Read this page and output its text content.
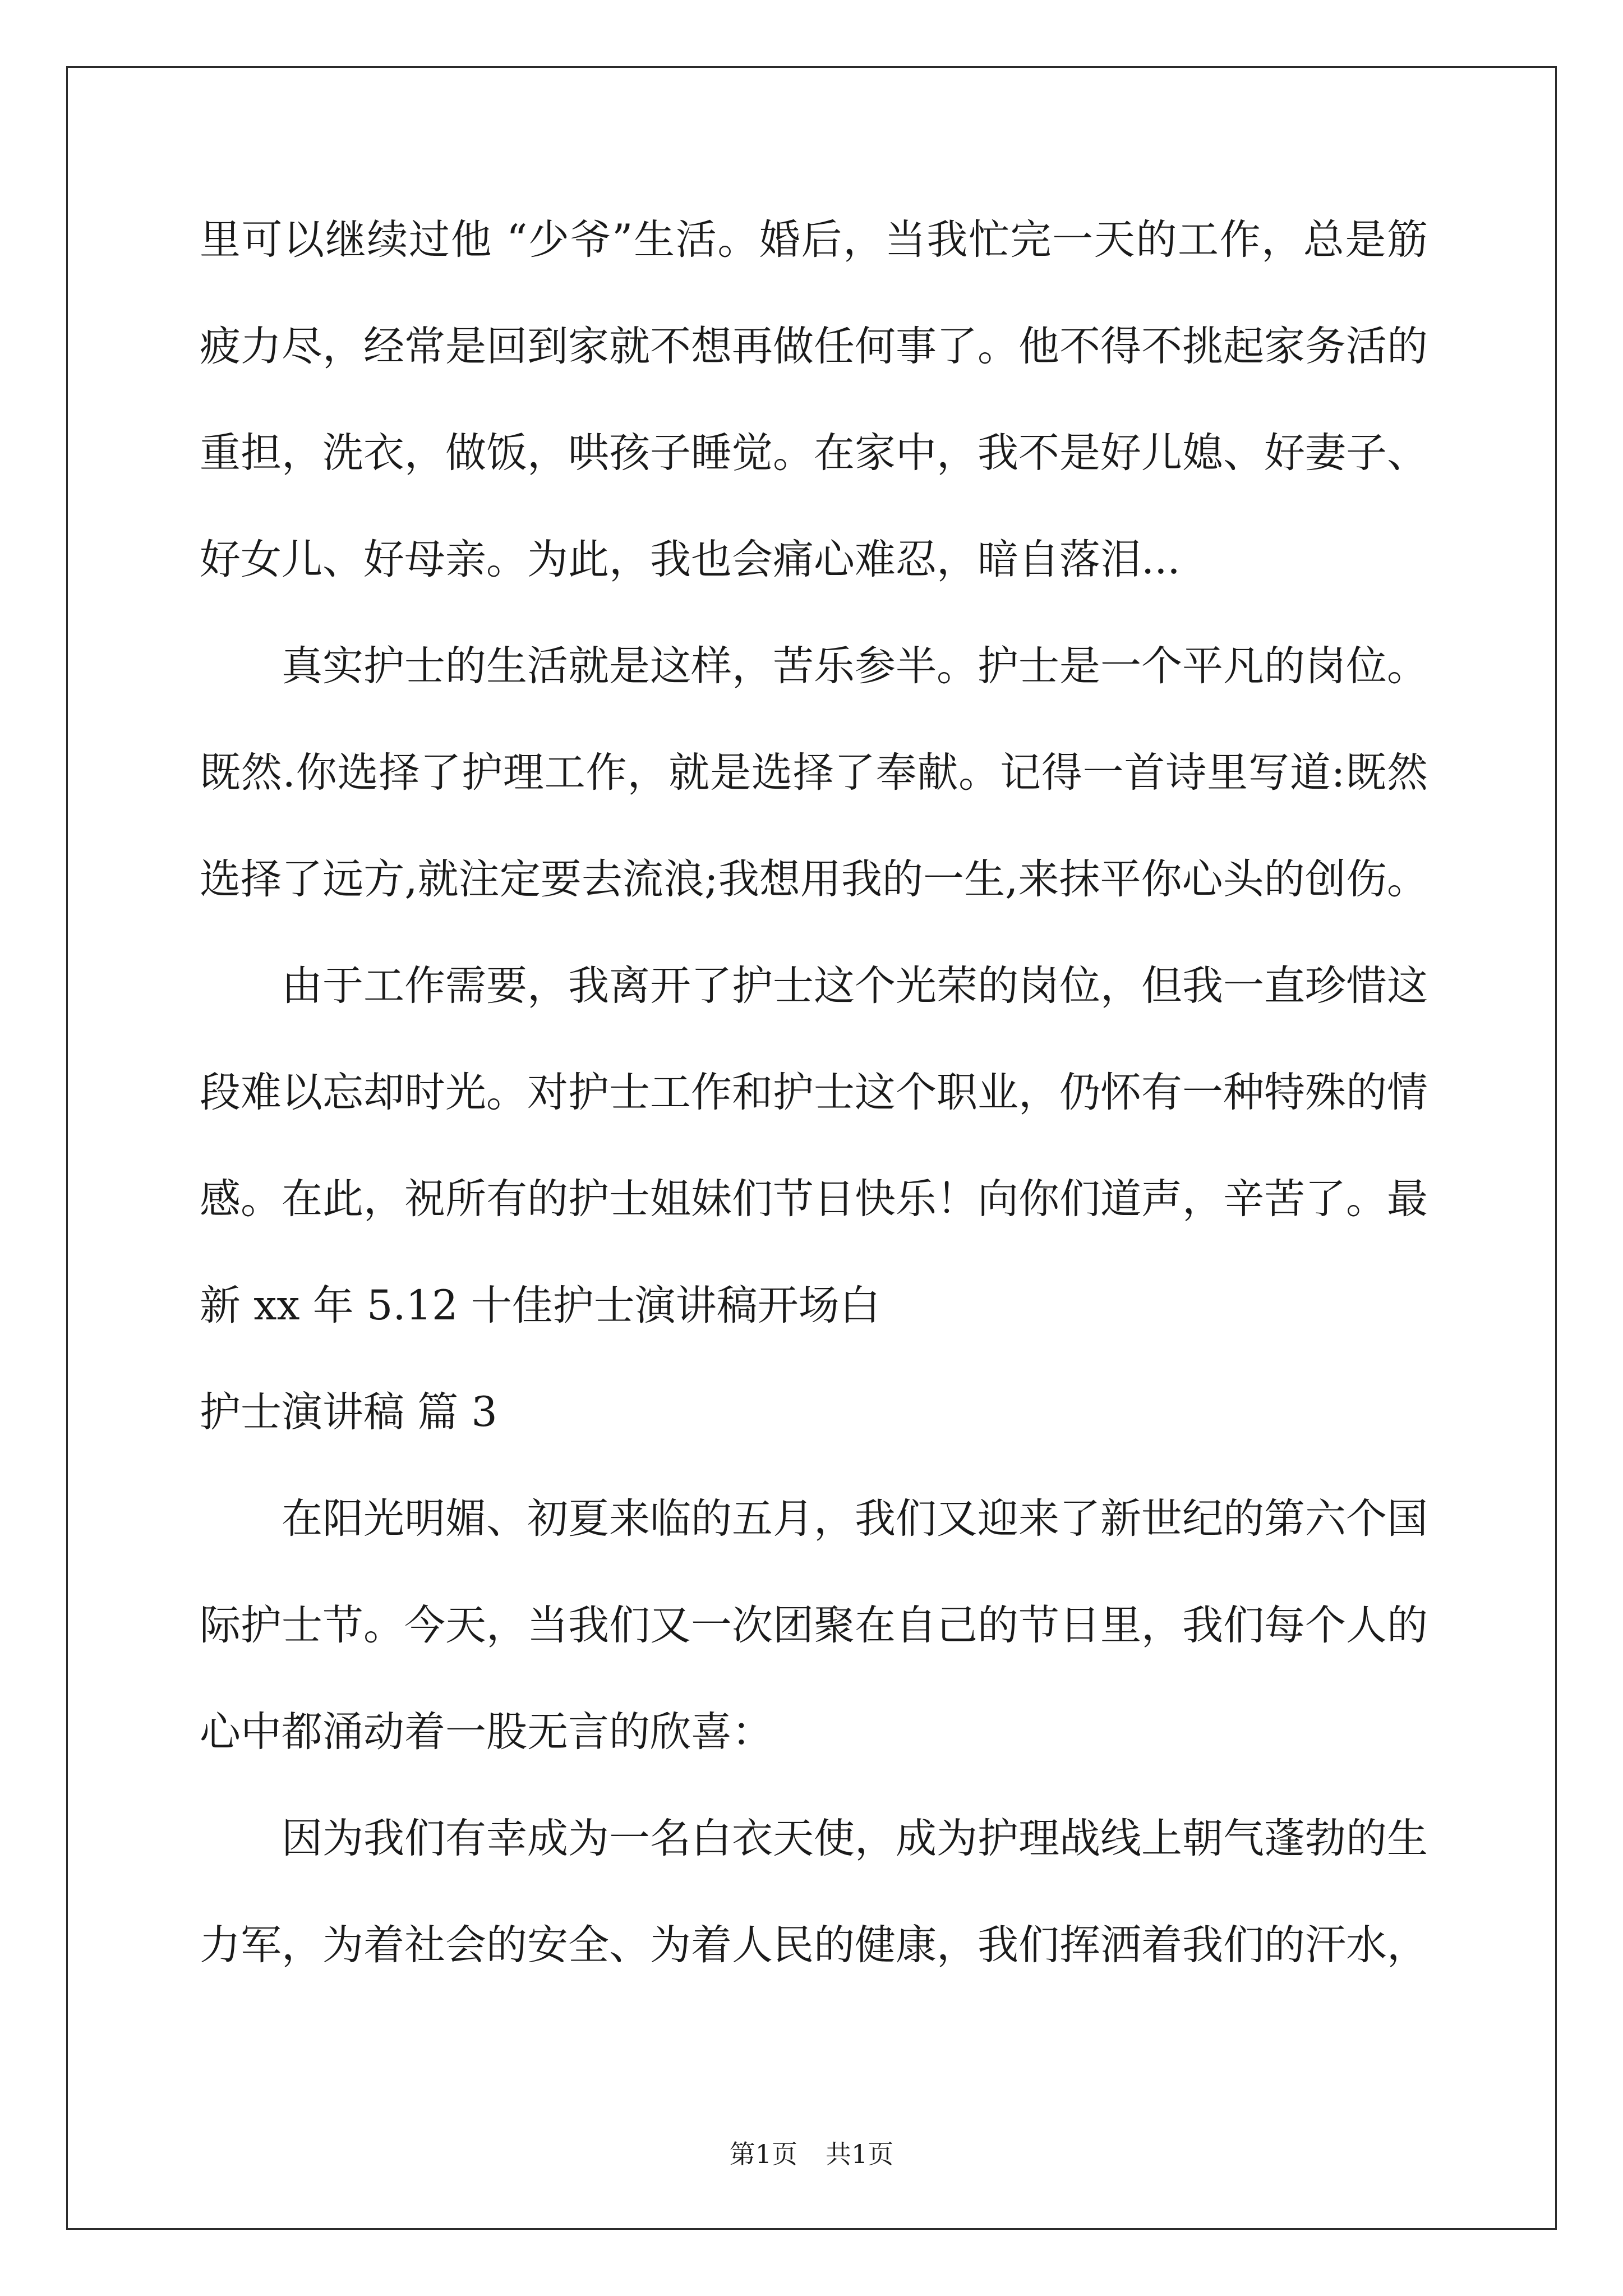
里可以继续过他 “少爷”生活。婚后，当我忙完一天的工作，总是筋
疲力尽，经常是回到家就不想再做任何事了。他不得不挑起家务活的
重担，洗衣，做饭，哄孩子睡觉。在家中，我不是好儿媳、好妻子、
好女儿、好母亲。为此，我也会痛心难忍，暗自落泪...
真实护士的生活就是这样，苦乐参半。护士是一个平凡的岗位。
既然.你选择了护理工作，就是选择了奉献。记得一首诗里写道:既然
选择了远方,就注定要去流浪;我想用我的一生,来抹平你心头的创伤。
由于工作需要，我离开了护士这个光荣的岗位，但我一直珍惜这
段难以忘却时光。对护士工作和护士这个职业，仍怀有一种特殊的情
感。在此，祝所有的护士姐妹们节日快乐！向你们道声，辛苦了。最
新 xx 年 5.12 十佳护士演讲稿开场白
护士演讲稿 篇 3
在阳光明媚、初夏来临的五月，我们又迎来了新世纪的第六个国
际护士节。今天，当我们又一次团聚在自己的节日里，我们每个人的
心中都涌动着一股无言的欣喜：
因为我们有幸成为一名白衣天使，成为护理战线上朝气蓬勃的生
力军，为着社会的安全、为着人民的健康，我们挥洒着我们的汗水，
第1页 共1页
